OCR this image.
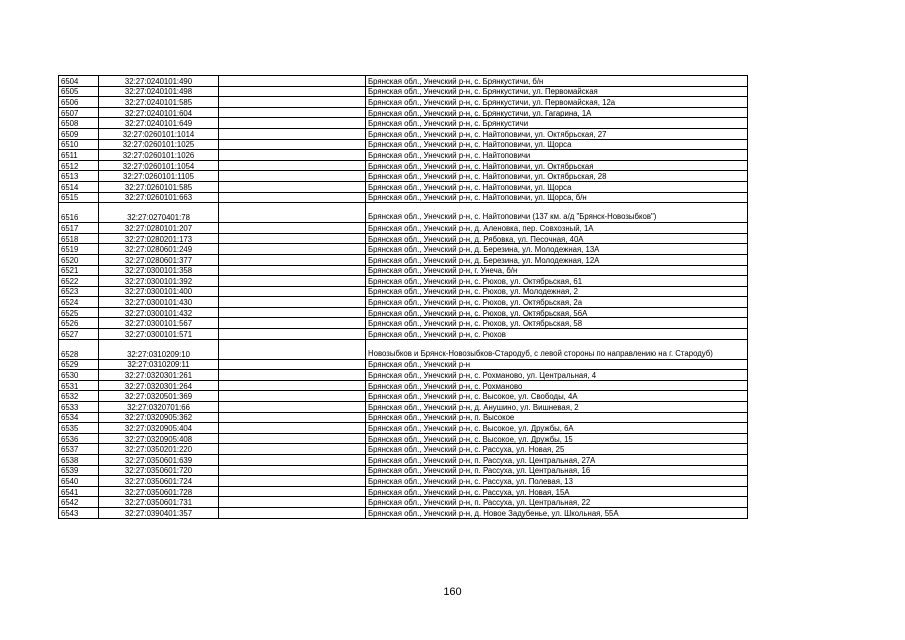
6504	32:27:0240101:490		Брянская обл., Унечский р-н, с. Брянкустичи, б/н
6505	32:27:0240101:498		Брянская обл., Унечский р-н, с. Брянкустичи, ул. Первомайская
6506	32:27:0240101:585		Брянская обл., Унечский р-н, с. Брянкустичи, ул. Первомайская, 12а
6507	32:27:0240101:604		Брянская обл., Унечский р-н, с. Брянкустичи, ул. Гагарина, 1А
6508	32:27:0240101:649		Брянская обл., Унечский р-н, с. Брянкустичи
6509	32:27:0260101:1014		Брянская обл., Унечский р-н, с. Найтоповичи, ул. Октябрьская, 27
6510	32:27:0260101:1025		Брянская обл., Унечский р-н, с. Найтоповичи, ул. Щорса
6511	32:27:0260101:1026		Брянская обл., Унечский р-н, с. Найтоповичи
6512	32:27:0260101:1054		Брянская обл., Унечский р-н, с. Найтоповичи, ул. Октябрьская
6513	32:27:0260101:1105		Брянская обл., Унечский р-н, с. Найтоповичи, ул. Октябрьская, 28
6514	32:27:0260101:585		Брянская обл., Унечский р-н, с. Найтоповичи, ул. Щорса
6515	32:27:0260101:663		Брянская обл., Унечский р-н, с. Найтоповичи, ул. Щорса, б/н
6516	32:27:0270401:78		Брянская обл., Унечский р-н, с. Найтоповичи (137 км. а/д "Брянск-Новозыбков")
6517	32:27:0280101:207		Брянская обл., Унечский р-н, д. Аленовка, пер. Совхозный, 1А
6518	32:27:0280201:173		Брянская обл., Унечский р-н, д. Рябовка, ул. Песочная, 40А
6519	32:27:0280601:249		Брянская обл., Унечский р-н, д. Березина, ул. Молодежная, 13А
6520	32:27:0280601:377		Брянская обл., Унечский р-н, д. Березина, ул. Молодежная, 12А
6521	32:27:0300101:358		Брянская обл., Унечский р-н, г. Унеча, б/н
6522	32:27:0300101:392		Брянская обл., Унечский р-н, с. Рюхов, ул. Октябрьская, 61
6523	32:27:0300101:400		Брянская обл., Унечский р-н, с. Рюхов, ул. Молодежная, 2
6524	32:27:0300101:430		Брянская обл., Унечский р-н, с. Рюхов, ул. Октябрьская, 2а
6525	32:27:0300101:432		Брянская обл., Унечский р-н, с. Рюхов, ул. Октябрьская, 56А
6526	32:27:0300101:567		Брянская обл., Унечский р-н, с. Рюхов, ул. Октябрьская, 58
6527	32:27:0300101:571		Брянская обл., Унечский р-н, с. Рюхов
6528	32:27:0310209:10		Новозыбков и Брянск-Новозыбков-Стародуб, с левой стороны по направлению на г. Стародуб)
6529	32:27:0310209:11		Брянская обл., Унечский р-н
6530	32:27:0320301:261		Брянская обл., Унечский р-н, с. Рохманово, ул. Центральная, 4
6531	32:27:0320301:264		Брянская обл., Унечский р-н, с. Рохманово
6532	32:27:0320501:369		Брянская обл., Унечский р-н, с. Высокое, ул. Свободы, 4А
6533	32:27:0320701:66		Брянская обл., Унечский р-н, д. Анушино, ул. Вишневая, 2
6534	32:27:0320905:362		Брянская обл., Унечский р-н, п. Высокое
6535	32:27:0320905:404		Брянская обл., Унечский р-н, с. Высокое, ул. Дружбы, 6А
6536	32:27:0320905:408		Брянская обл., Унечский р-н, с. Высокое, ул. Дружбы, 15
6537	32:27:0350201:220		Брянская обл., Унечский р-н, с. Рассуха, ул. Новая, 25
6538	32:27:0350601:639		Брянская обл., Унечский р-н, п. Рассуха, ул. Центральная, 27А
6539	32:27:0350601:720		Брянская обл., Унечский р-н, п. Рассуха, ул. Центральная, 16
6540	32:27:0350601:724		Брянская обл., Унечский р-н, с. Рассуха, ул. Полевая, 13
6541	32:27:0350601:728		Брянская обл., Унечский р-н, с. Рассуха, ул. Новая, 15А
6542	32:27:0350601:731		Брянская обл., Унечский р-н, п. Рассуха, ул. Центральная, 22
6543	32:27:0390401:357		Брянская обл., Унечский р-н, д. Новое Задубенье, ул. Школьная, 55А
160
